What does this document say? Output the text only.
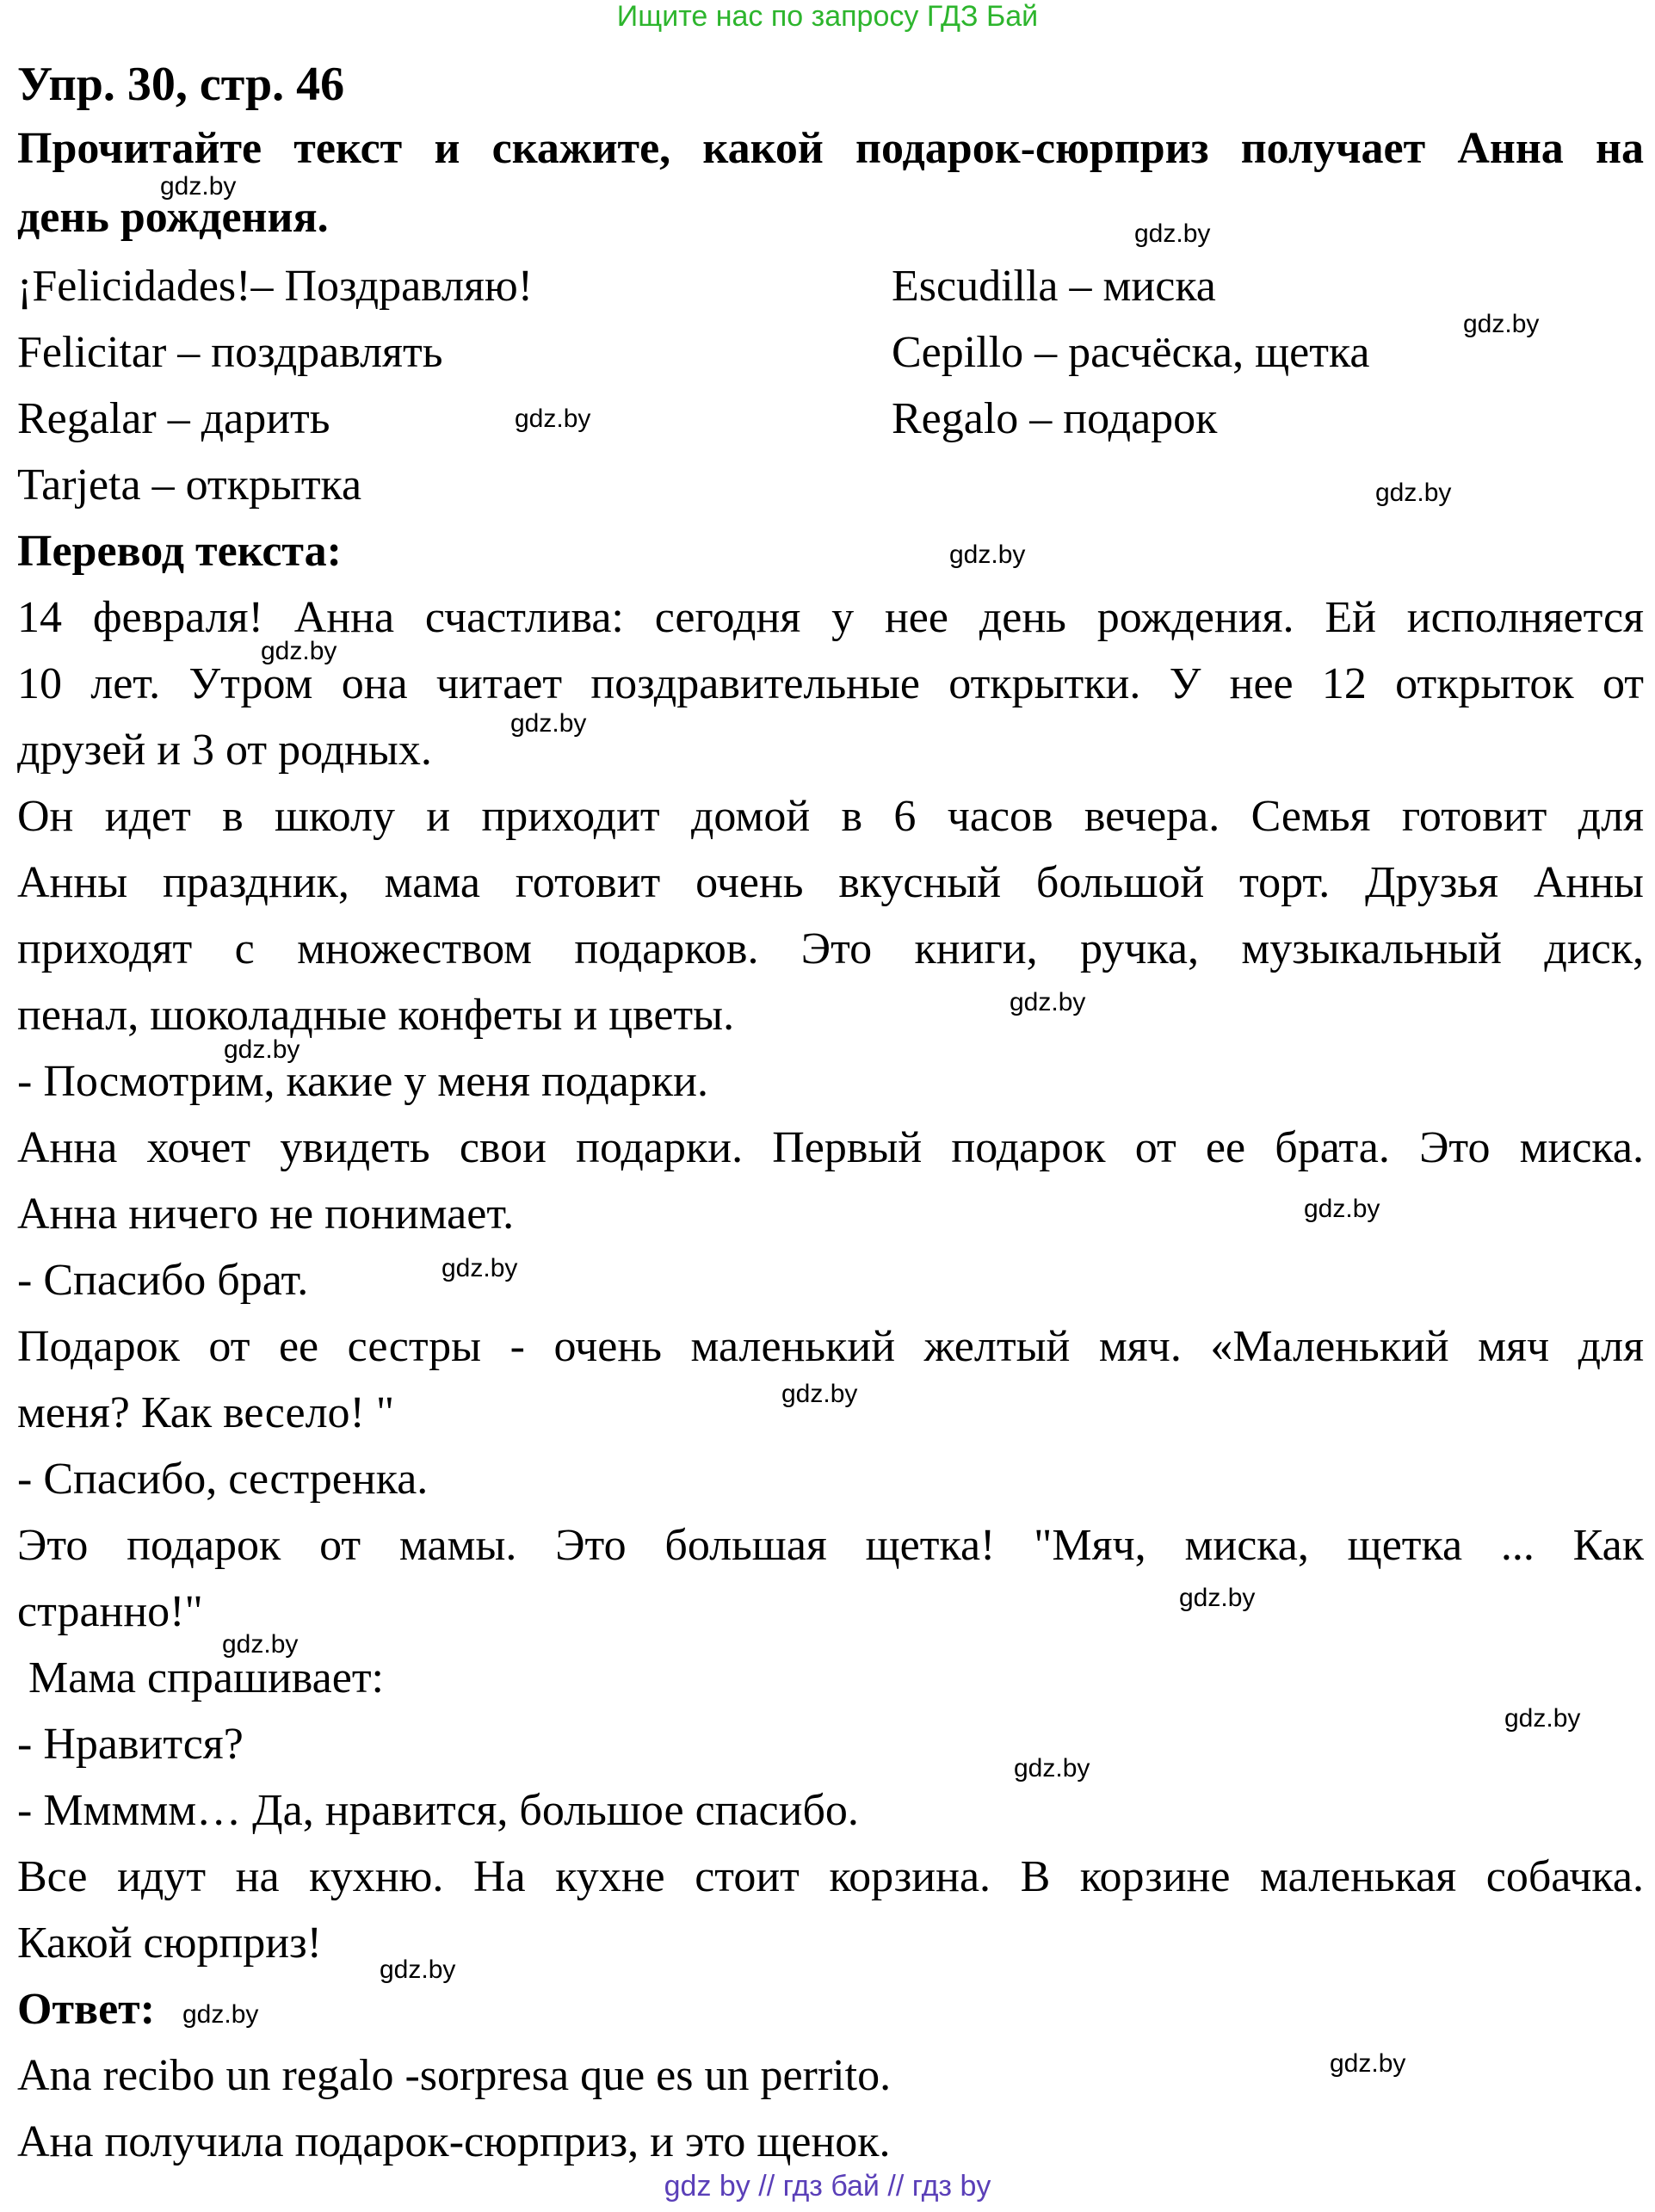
Ищите нас по запросу ГДЗ Бай
Упр. 30, стр. 46
Прочитайте текст и скажите, какой подарок-сюрприз получает Анна на
день рождения.
¡Felicidades!– Поздравляю!
Felicitar – поздравлять
Regalar – дарить
Tarjeta – открытка
Escudilla – миска
Cepillo – расчёска, щетка
Regalo – подарок
Перевод текста:
14 февраля! Анна счастлива: сегодня у нее день рождения. Ей исполняется
10 лет. Утром она читает поздравительные открытки. У нее 12 открыток от
друзей и 3 от родных.
Он идет в школу и приходит домой в 6 часов вечера. Семья готовит для
Анны праздник, мама готовит очень вкусный большой торт. Друзья Анны
приходят с множеством подарков. Это книги, ручка, музыкальный диск,
пенал, шоколадные конфеты и цветы.
- Посмотрим, какие у меня подарки.
Анна хочет увидеть свои подарки. Первый подарок от ее брата. Это миска.
Анна ничего не понимает.
- Спасибо брат.
Подарок от ее сестры - очень маленький желтый мяч. «Маленький мяч для
меня? Как весело! "
- Спасибо, сестренка.
Это подарок от мамы. Это большая щетка! "Мяч, миска, щетка ... Как
странно!"
Мама спрашивает:
- Нравится?
- Ммммм… Да, нравится, большое спасибо.
Все идут на кухню. На кухне стоит корзина. В корзине маленькая собачка.
Какой сюрприз!
Ответ:
Ana recibo un regalo -sorpresa que es un perrito.
Ана получила подарок-сюрприз, и это щенок.
gdz.by
gdz.by
gdz.by
gdz.by
gdz.by
gdz.by
gdz.by
gdz.by
gdz.by
gdz.by
gdz.by
gdz.by
gdz.by
gdz.by
gdz.by
gdz.by
gdz.by
gdz.by
gdz.by
gdz.by
gdz by // гдз бай // гдз by
